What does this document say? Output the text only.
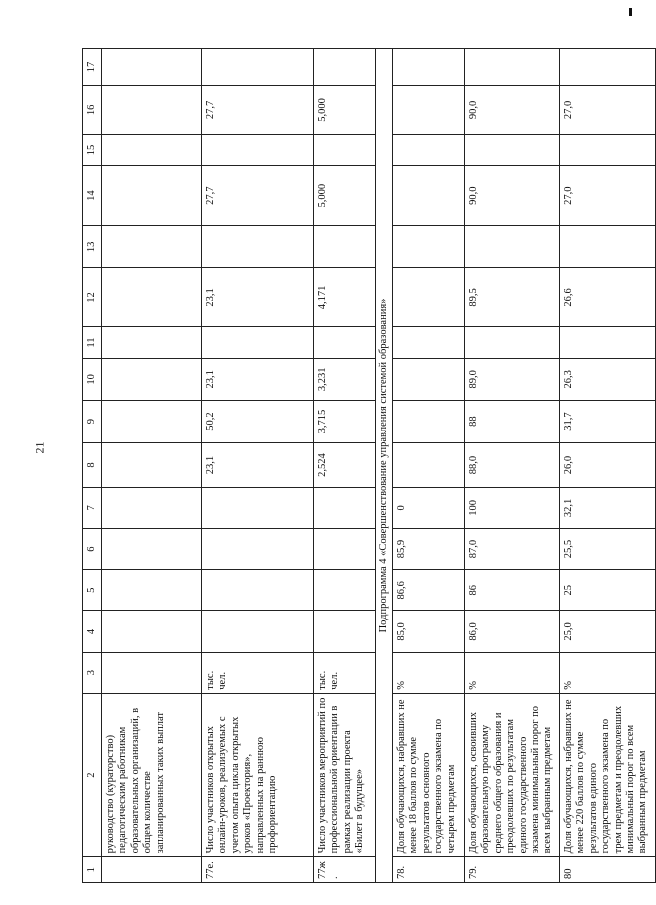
21
1	2	3	4	5	6	7	8	9	10	11	12	13	14	15	16	17
	руководство (кураторство) педагогическим работникам образовательных организаций, в общем количестве запланированных таких выплат															
77е.	Число участников открытых онлайн-уроков, реализуемых с учетом опыта цикла открытых уроков «Проектория», направленных на раннюю профориентацию	тыс. чел.					23,1	50,2	23,1		23,1		27,7		27,7	
77ж.	Число участников мероприятий по профессиональной ориентации в рамках реализации проекта «Билет в будущее»	тыс. чел.					2,524	3,715	3,231		4,171		5,000		5,000	
Подпрограмма 4 «Совершенствование управления системой образования»																
78.	Доля обучающихся, набравших не менее 18 баллов по сумме результатов основного государственного экзамена по четырем предметам	%	85,0	86,6	85,9	0										
79.	Доля обучающихся, освоивших образовательную программу среднего общего образования и преодолевших по результатам единого государственного экзамена минимальный порог по всем выбранным предметам	%	86,0	86	87,0	100	88,0	88	89,0		89,5		90,0		90,0	
80	Доля обучающихся, набравших не менее 220 баллов по сумме результатов единого государственного экзамена по трем предметам и преодолевших минимальный порог по всем выбранным предметам	%	25,0	25	25,5	32,1	26,0	31,7	26,3		26,6		27,0		27,0	
